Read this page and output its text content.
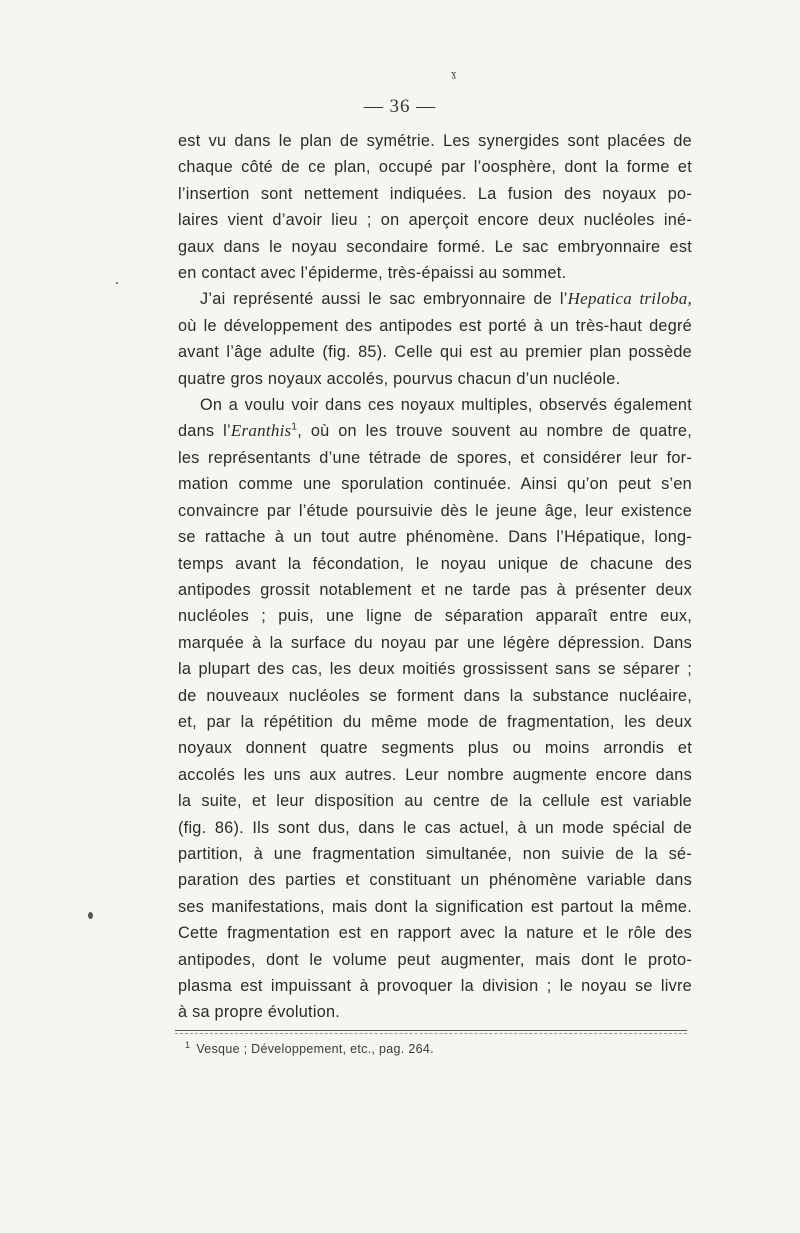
ɣ
— 36 —

est vu dans le plan de symétrie. Les synergides sont placées de
chaque côté de ce plan, occupé par l’oosphère, dont la forme et
l’insertion sont nettement indiquées. La fusion des noyaux po-
laires vient d’avoir lieu ; on aperçoit encore deux nucléoles iné-
gaux dans le noyau secondaire formé. Le sac embryonnaire est
en contact avec l’épiderme, très-épaissi au sommet.

J’ai représenté aussi le sac embryonnaire de l’Hepatica triloba,
où le développement des antipodes est porté à un très-haut degré
avant l’âge adulte (fig. 85). Celle qui est au premier plan possède
quatre gros noyaux accolés, pourvus chacun d’un nucléole.

On a voulu voir dans ces noyaux multiples, observés également
dans l’Eranthis$^1$, où on les trouve souvent au nombre de quatre,
les représentants d’une tétrade de spores, et considérer leur for-
mation comme une sporulation continuée. Ainsi qu’on peut s’en
convaincre par l’étude poursuivie dès le jeune âge, leur existence
se rattache à un tout autre phénomène. Dans l’Hépatique, long-
temps avant la fécondation, le noyau unique de chacune des
antipodes grossit notablement et ne tarde pas à présenter deux
nucléoles ; puis, une ligne de séparation apparaît entre eux,
marquée à la surface du noyau par une légère dépression. Dans
la plupart des cas, les deux moitiés grossissent sans se séparer ;
de nouveaux nucléoles se forment dans la substance nucléaire,
et, par la répétition du même mode de fragmentation, les deux
noyaux donnent quatre segments plus ou moins arrondis et
accolés les uns aux autres. Leur nombre augmente encore dans
la suite, et leur disposition au centre de la cellule est variable
(fig. 86). Ils sont dus, dans le cas actuel, à un mode spécial de
partition, à une fragmentation simultanée, non suivie de la sé-
paration des parties et constituant un phénomène variable dans
ses manifestations, mais dont la signification est partout la même.
Cette fragmentation est en rapport avec la nature et le rôle des
antipodes, dont le volume peut augmenter, mais dont le proto-
plasma est impuissant à provoquer la division ; le noyau se livre
à sa propre évolution.

$^1$ Vesque ; Développement, etc., pag. 264.
